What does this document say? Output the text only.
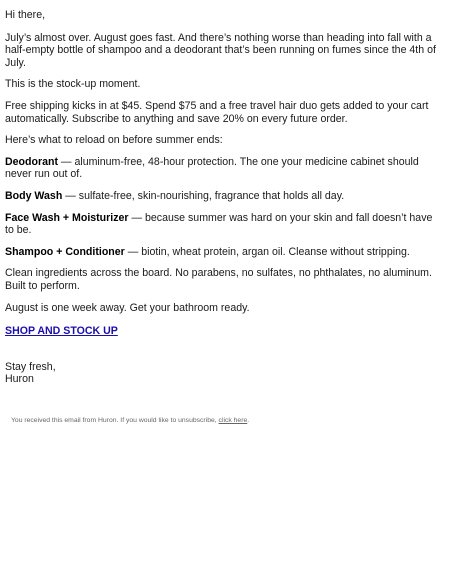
Hi there,

July’s almost over. August goes fast. And there’s nothing worse than heading into fall with a half-empty bottle of shampoo and a deodorant that’s been running on fumes since the 4th of July.

This is the stock-up moment.

Free shipping kicks in at $45. Spend $75 and a free travel hair duo gets added to your cart automatically. Subscribe to anything and save 20% on every future order.

Here’s what to reload on before summer ends:

Deodorant — aluminum-free, 48-hour protection. The one your medicine cabinet should never run out of.

Body Wash — sulfate-free, skin-nourishing, fragrance that holds all day.

Face Wash + Moisturizer — because summer was hard on your skin and fall doesn’t have to be.

Shampoo + Conditioner — biotin, wheat protein, argan oil. Cleanse without stripping.

Clean ingredients across the board. No parabens, no sulfates, no phthalates, no aluminum. Built to perform.

August is one week away. Get your bathroom ready.

SHOP AND STOCK UP

Stay fresh,

Huron

You received this email from Huron. If you would like to unsubscribe, click here.
